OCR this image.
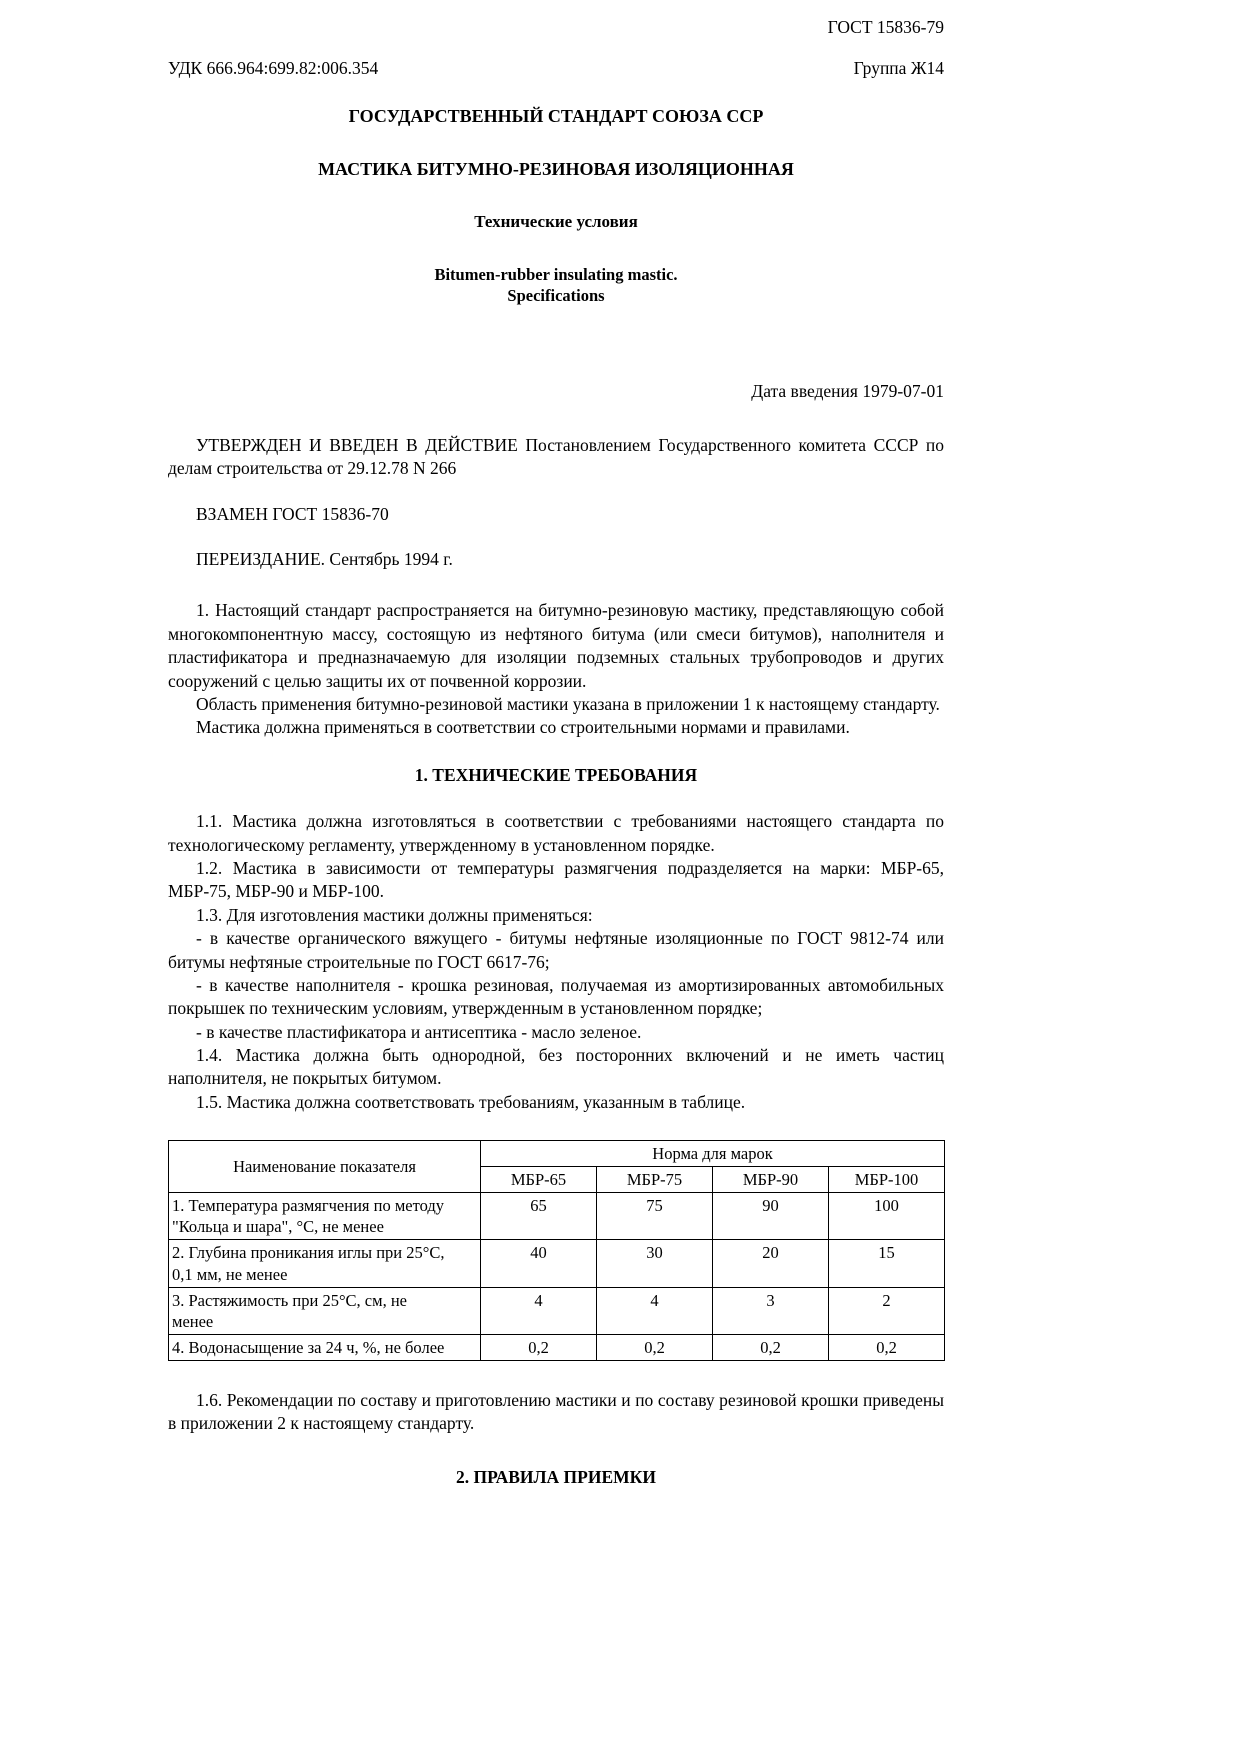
ГОСТ 15836-79
УДК 666.964:699.82:006.354	Группа Ж14
ГОСУДАРСТВЕННЫЙ СТАНДАРТ СОЮЗА ССР
МАСТИКА БИТУМНО-РЕЗИНОВАЯ ИЗОЛЯЦИОННАЯ
Технические условия
Bitumen-rubber insulating mastic.
Specifications
Дата введения 1979-07-01

УТВЕРЖДЕН И ВВЕДЕН В ДЕЙСТВИЕ Постановлением Государственного комитета СССР по делам строительства от 29.12.78 N 266

ВЗАМЕН ГОСТ 15836-70

ПЕРЕИЗДАНИЕ. Сентябрь 1994 г.

1. Настоящий стандарт распространяется на битумно-резиновую мастику, представляющую собой многокомпонентную массу, состоящую из нефтяного битума (или смеси битумов), наполнителя и пластификатора и предназначаемую для изоляции подземных стальных трубопроводов и других сооружений с целью защиты их от почвенной коррозии.

Область применения битумно-резиновой мастики указана в приложении 1 к настоящему стандарту.

Мастика должна применяться в соответствии со строительными нормами и правилами.

1. ТЕХНИЧЕСКИЕ ТРЕБОВАНИЯ

1.1. Мастика должна изготовляться в соответствии с требованиями настоящего стандарта по технологическому регламенту, утвержденному в установленном порядке.

1.2. Мастика в зависимости от температуры размягчения подразделяется на марки: МБР-65, МБР-75, МБР-90 и МБР-100.

1.3. Для изготовления мастики должны применяться:

- в качестве органического вяжущего - битумы нефтяные изоляционные по ГОСТ 9812-74 или битумы нефтяные строительные по ГОСТ 6617-76;

- в качестве наполнителя - крошка резиновая, получаемая из амортизированных автомобильных покрышек по техническим условиям, утвержденным в установленном порядке;

- в качестве пластификатора и антисептика - масло зеленое.

1.4. Мастика должна быть однородной, без посторонних включений и не иметь частиц наполнителя, не покрытых битумом.

1.5. Мастика должна соответствовать требованиям, указанным в таблице.

Наименование показателя	Норма для марок			
	МБР-65	МБР-75	МБР-90	МБР-100
1. Температура размягчения по методу
"Кольца и шара", °С, не менее	65	75	90	100
2. Глубина проникания иглы при 25°С,
0,1 мм, не менее	40	30	20	15
3. Растяжимость при 25°С, см, не
менее	4	4	3	2
4. Водонасыщение за 24 ч, %, не более	0,2	0,2	0,2	0,2

1.6. Рекомендации по составу и приготовлению мастики и по составу резиновой крошки приведены в приложении 2 к настоящему стандарту.

2. ПРАВИЛА ПРИЕМКИ
